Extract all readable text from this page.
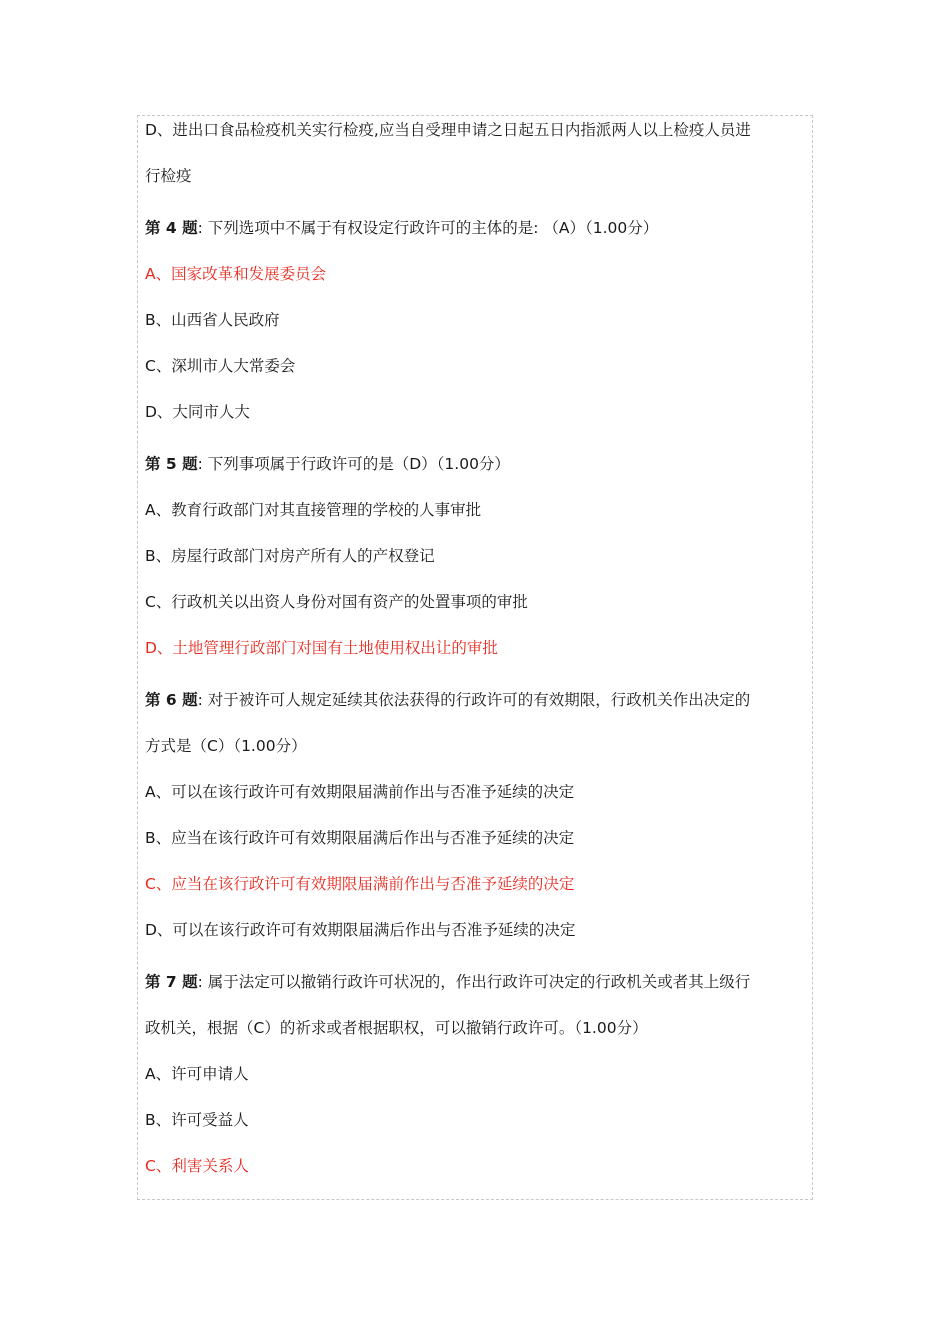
D、进出口食品检疫机关实行检疫,应当自受理申请之日起五日内指派两人以上检疫人员进
行检疫
第 4 题: 下列选项中不属于有权设定行政许可的主体的是: （A）（1.00分）
A、国家改革和发展委员会
B、山西省人民政府
C、深圳市人大常委会
D、大同市人大
第 5 题: 下列事项属于行政许可的是（D）（1.00分）
A、教育行政部门对其直接管理的学校的人事审批
B、房屋行政部门对房产所有人的产权登记
C、行政机关以出资人身份对国有资产的处置事项的审批
D、土地管理行政部门对国有土地使用权出让的审批
第 6 题: 对于被许可人规定延续其依法获得的行政许可的有效期限，行政机关作出决定的
方式是（C）（1.00分）
A、可以在该行政许可有效期限届满前作出与否准予延续的决定
B、应当在该行政许可有效期限届满后作出与否准予延续的决定
C、应当在该行政许可有效期限届满前作出与否准予延续的决定
D、可以在该行政许可有效期限届满后作出与否准予延续的决定
第 7 题: 属于法定可以撤销行政许可状况的，作出行政许可决定的行政机关或者其上级行
政机关，根据（C）的祈求或者根据职权，可以撤销行政许可。（1.00分）
A、许可申请人
B、许可受益人
C、利害关系人
